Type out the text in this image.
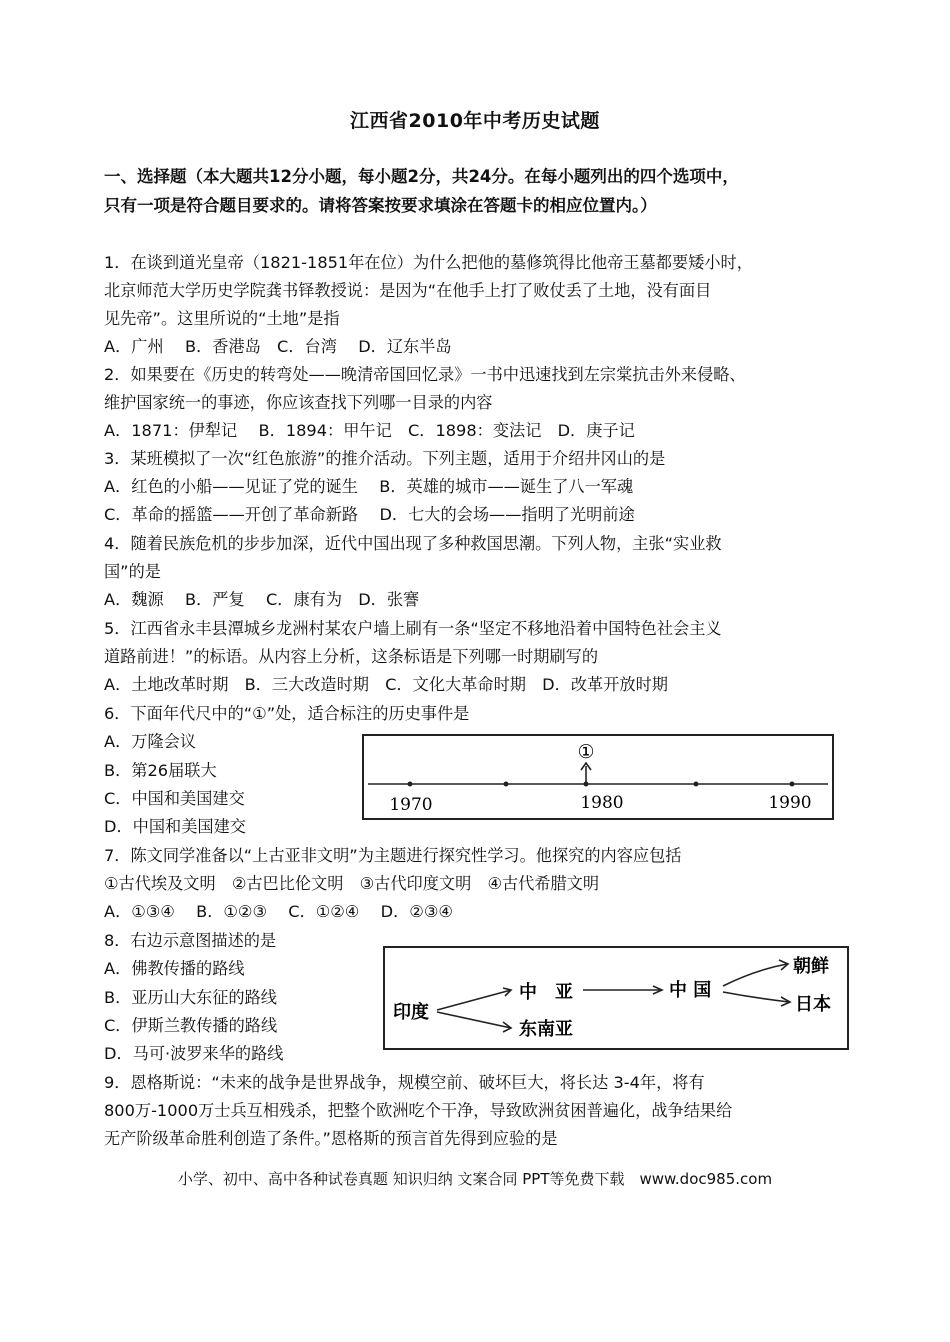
江西省2010年中考历史试题
一、选择题（本大题共12分小题，每小题2分，共24分。在每小题列出的四个选项中，
只有一项是符合题目要求的。请将答案按要求填涂在答题卡的相应位置内。）
1．在谈到道光皇帝（1821-1851年在位）为什么把他的墓修筑得比他帝王墓都要矮小时，
北京师范大学历史学院龚书铎教授说：是因为“在他手上打了败仗丢了土地，没有面目
见先帝”。这里所说的“土地”是指
A．广州　 B．香港岛　C．台湾　 D．辽东半岛
2．如果要在《历史的转弯处——晚清帝国回忆录》一书中迅速找到左宗棠抗击外来侵略、
维护国家统一的事迹，你应该查找下列哪一目录的内容
A．1871：伊犁记　 B．1894：甲午记　C．1898：变法记　D．庚子记
3．某班模拟了一次“红色旅游”的推介活动。下列主题，适用于介绍井冈山的是
A．红色的小船——见证了党的诞生　 B．英雄的城市——诞生了八一军魂
C．革命的摇篮——开创了革命新路　 D．七大的会场——指明了光明前途
4．随着民族危机的步步加深，近代中国出现了多种救国思潮。下列人物，主张“实业救
国”的是
A．魏源　 B．严复　 C．康有为　D．张謇
5．江西省永丰县潭城乡龙洲村某农户墙上刷有一条“坚定不移地沿着中国特色社会主义
道路前进！”的标语。从内容上分析，这条标语是下列哪一时期刷写的
A．土地改革时期　B．三大改造时期　C．文化大革命时期　D．改革开放时期
6．下面年代尺中的“①”处，适合标注的历史事件是
A．万隆会议
B．第26届联大
C．中国和美国建交
D．中国和美国建交
①
1970	1980	1990
7．陈文同学准备以“上古亚非文明”为主题进行探究性学习。他探究的内容应包括
①古代埃及文明　②古巴比伦文明　③古代印度文明　④古代希腊文明
A．①③④　 B．①②③　 C．①②④　 D．②③④
8．右边示意图描述的是
A．佛教传播的路线
B．亚历山大东征的路线
C．伊斯兰教传播的路线
D．马可·波罗来华的路线
印度
中　亚
东南亚
中 国
朝鲜
日本
9．恩格斯说：“未来的战争是世界战争，规模空前、破坏巨大，将长达 3-4年，将有
800万-1000万士兵互相残杀，把整个欧洲吃个干净，导致欧洲贫困普遍化，战争结果给
无产阶级革命胜利创造了条件。”恩格斯的预言首先得到应验的是
小学、初中、高中各种试卷真题 知识归纳 文案合同 PPT等免费下载　www.doc985.com
